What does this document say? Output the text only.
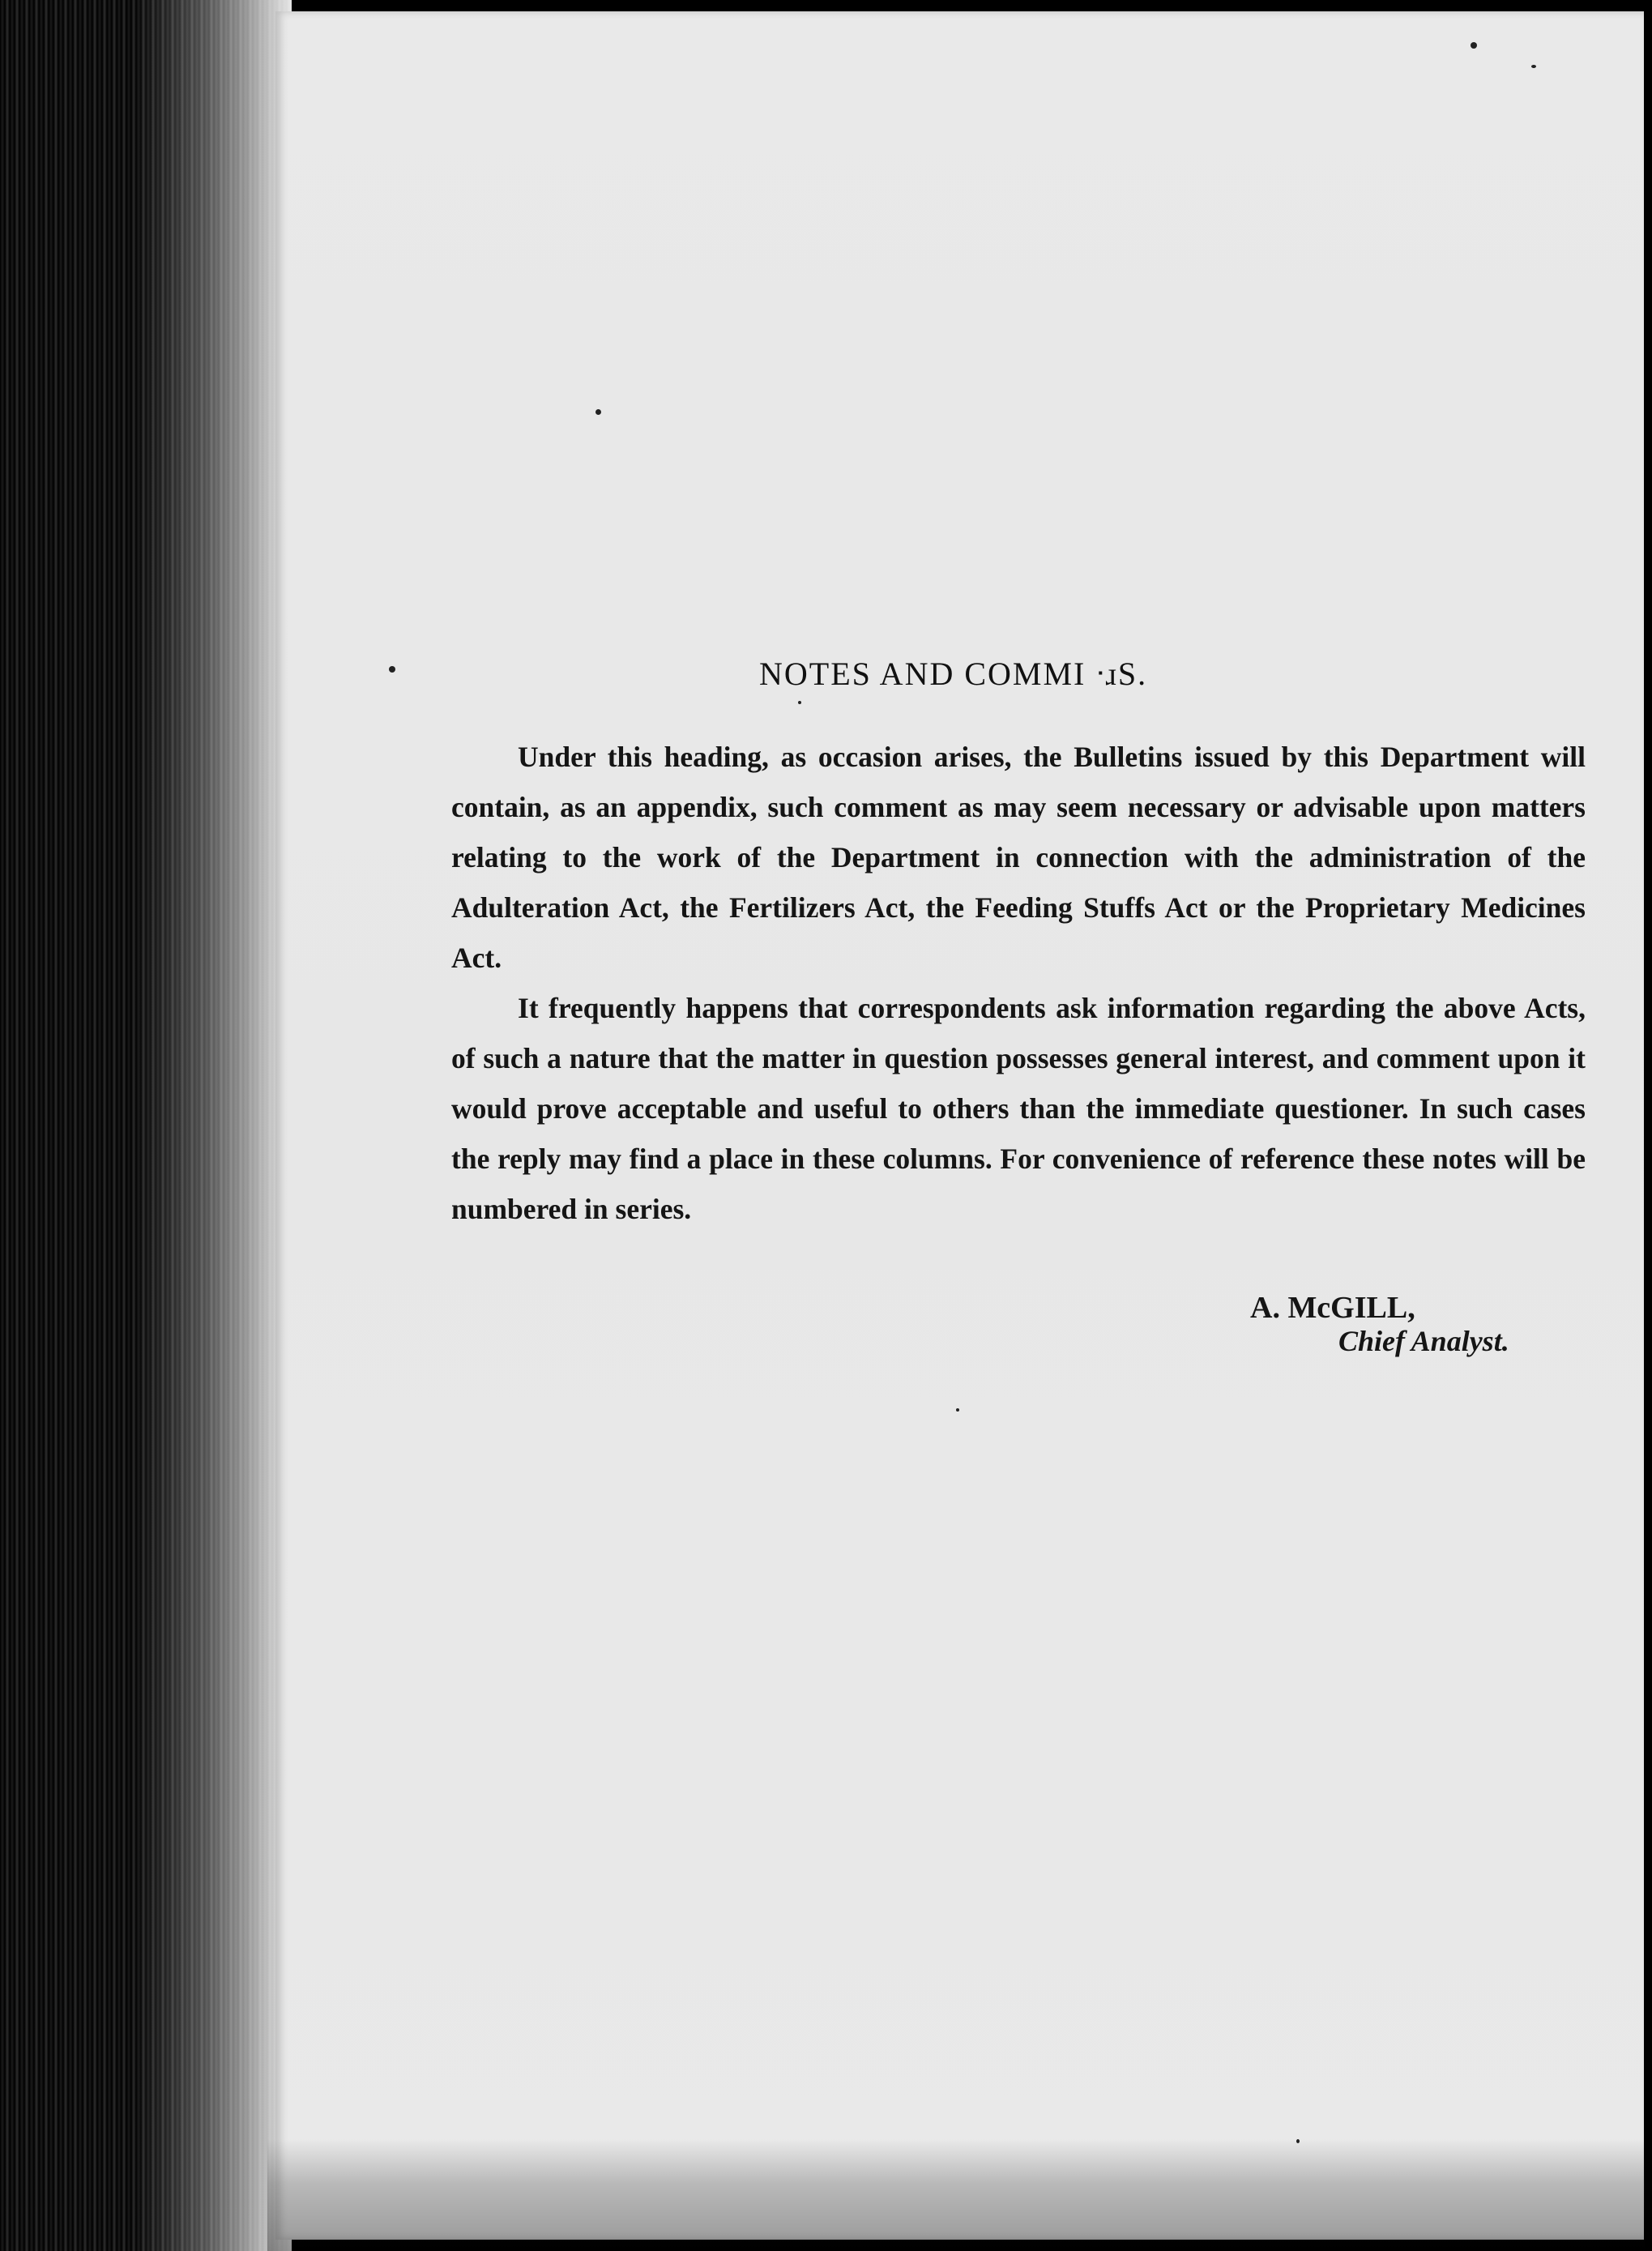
NOTES AND COMMI ᐧɹS.

Under this heading, as occasion arises, the Bulletins issued by this Department will contain, as an appendix, such comment as may seem necessary or advisable upon matters relating to the work of the Department in connection with the administration of the Adulteration Act, the Fertilizers Act, the Feeding Stuffs Act or the Proprietary Medicines Act.

It frequently happens that correspondents ask information regarding the above Acts, of such a nature that the matter in question possesses general interest, and comment upon it would prove acceptable and useful to others than the immediate questioner. In such cases the reply may find a place in these columns. For convenience of reference these notes will be numbered in series.

A. McGILL,
Chief Analyst.
